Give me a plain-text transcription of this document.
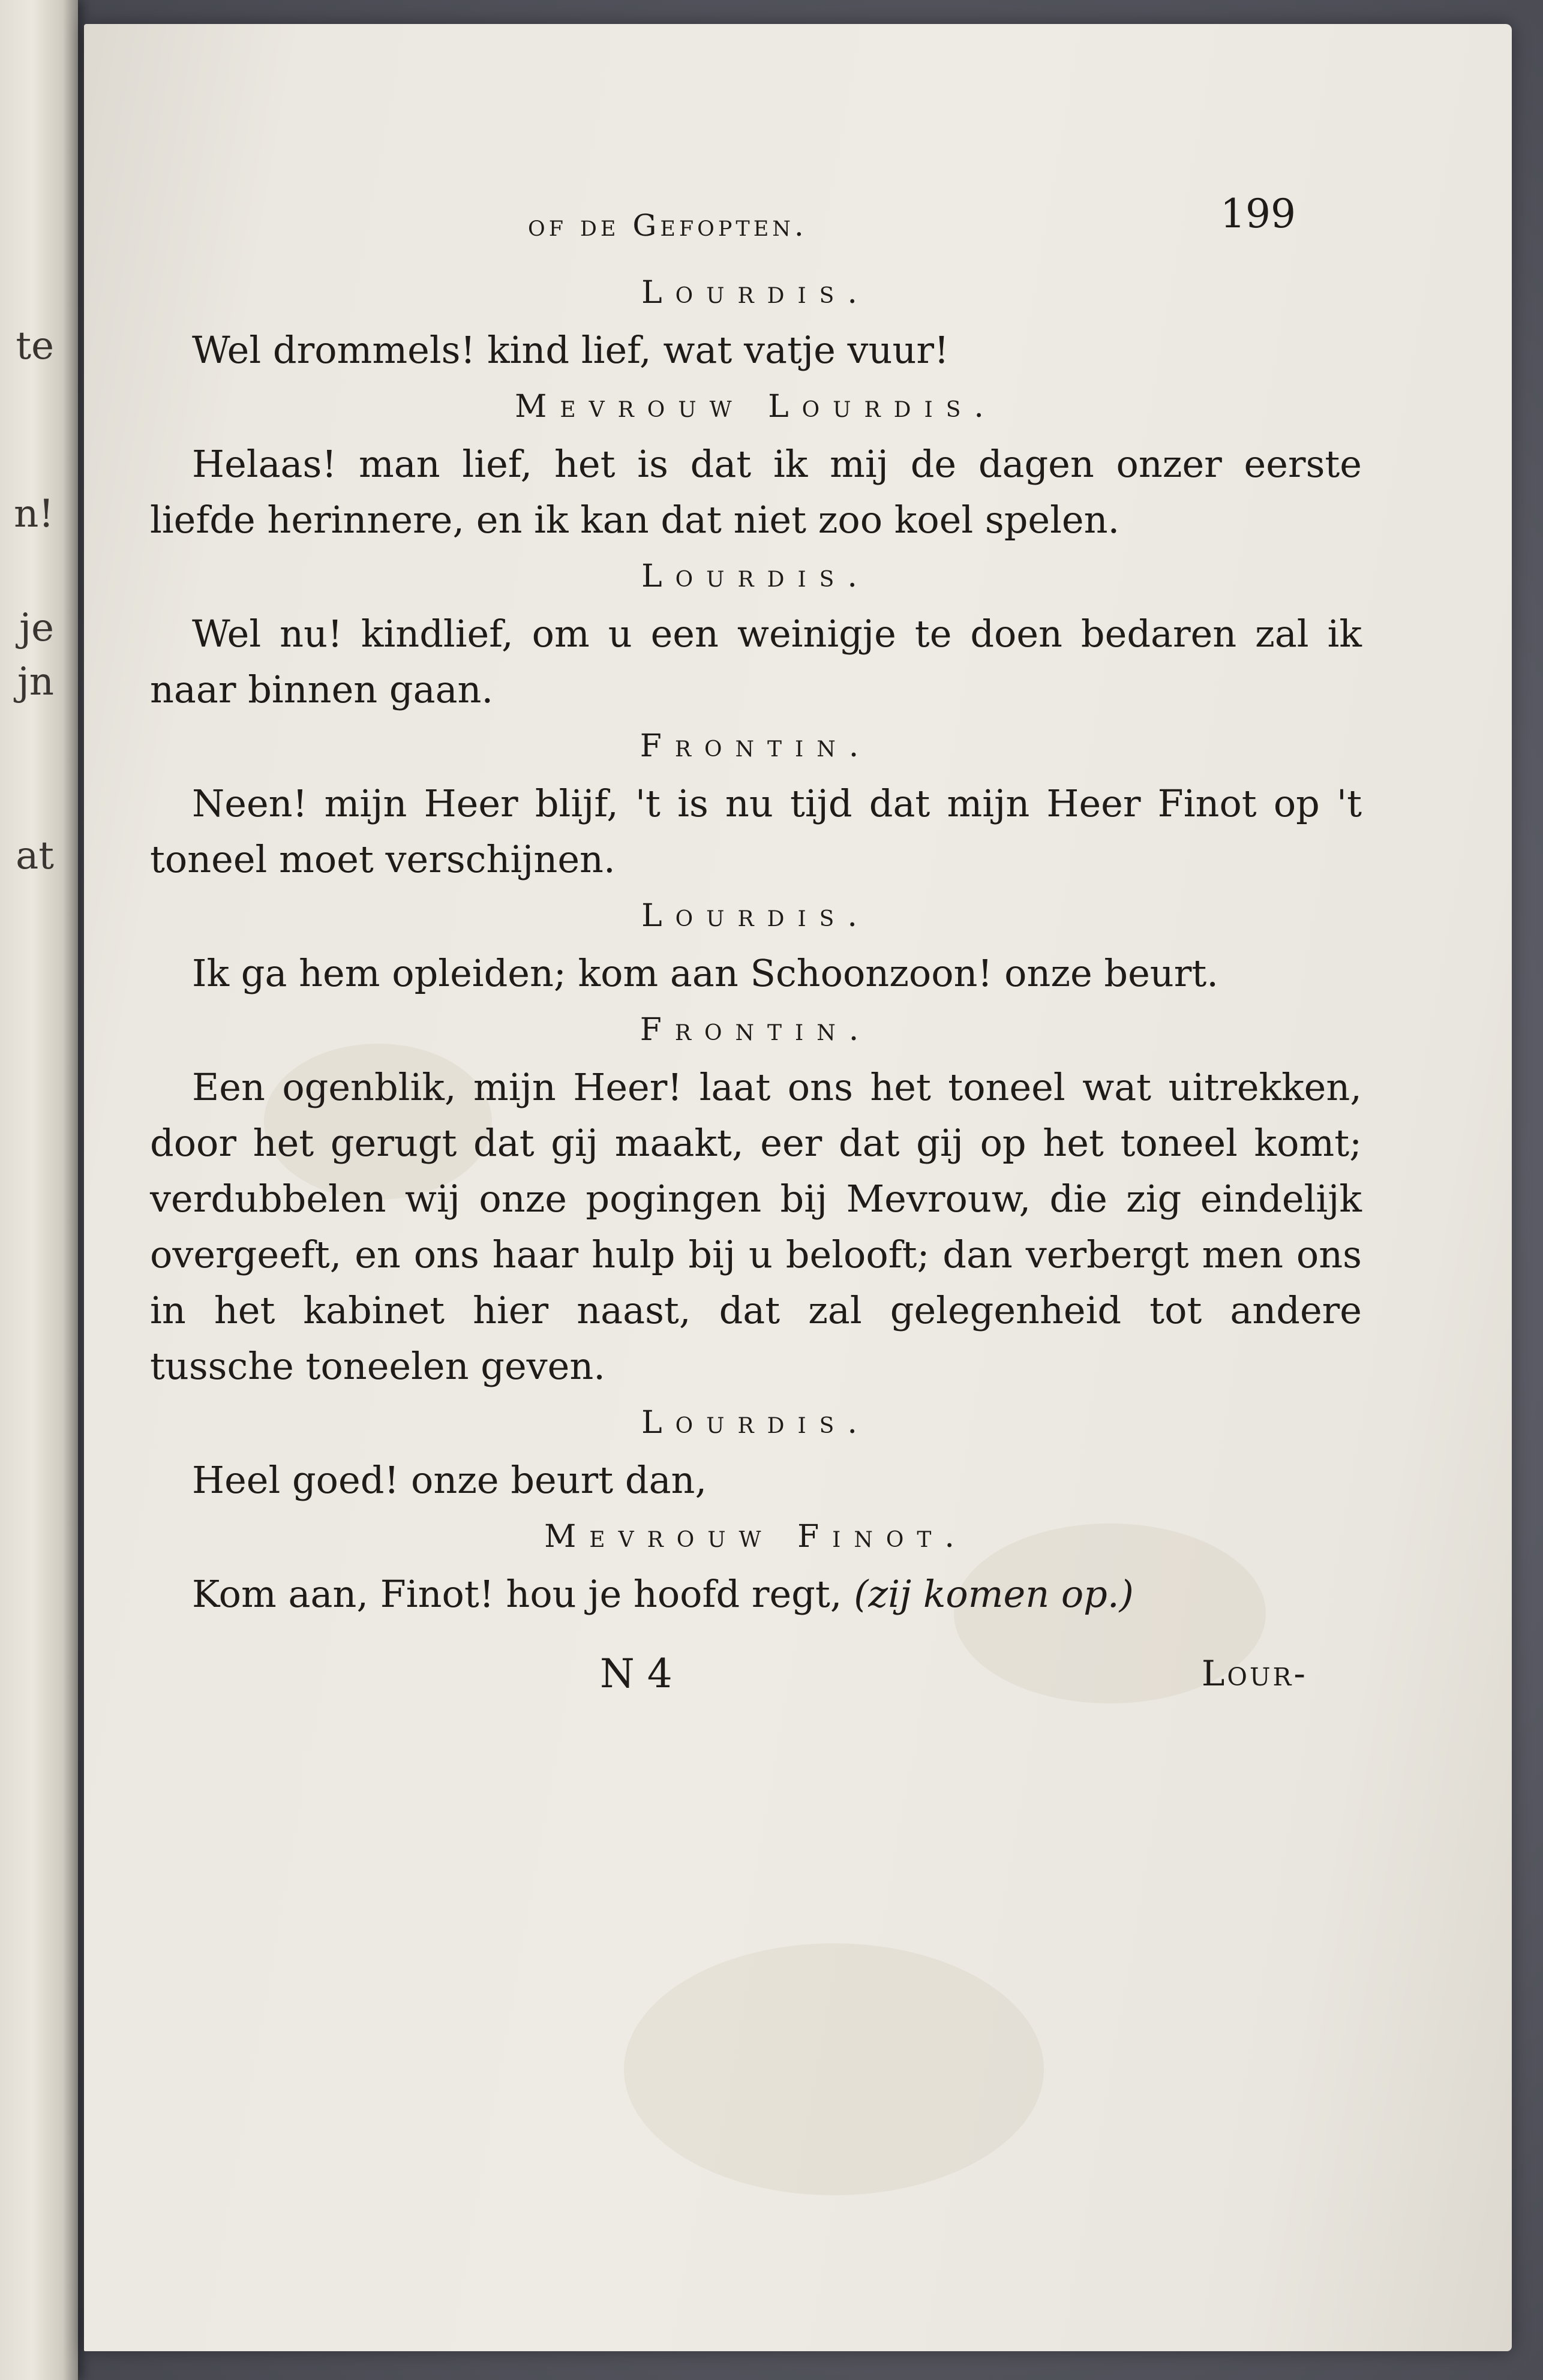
te
n!
je
jn
at
of de Gefopten.	199
Lourdis.

Wel drommels! kind lief, wat vatje vuur!

Mevrouw Lourdis.

Helaas! man lief, het is dat ik mij de dagen onzer eerste liefde herinnere, en ik kan dat niet zoo koel spelen.

Lourdis.

Wel nu! kindlief, om u een weinigje te doen bedaren zal ik naar binnen gaan.

Frontin.

Neen! mijn Heer blijf, 't is nu tijd dat mijn Heer Finot op 't toneel moet verschijnen.

Lourdis.

Ik ga hem opleiden; kom aan Schoonzoon! onze beurt.

Frontin.

Een ogenblik, mijn Heer! laat ons het toneel wat uitrekken, door het gerugt dat gij maakt, eer dat gij op het toneel komt; verdubbelen wij onze pogingen bij Mevrouw, die zig eindelijk overgeeft, en ons haar hulp bij u belooft; dan verbergt men ons in het kabinet hier naast, dat zal gelegenheid tot andere tussche toneelen geven.

Lourdis.

Heel goed! onze beurt dan,

Mevrouw Finot.

Kom aan, Finot! hou je hoofd regt, (zij komen op.)

N 4	Lour-
